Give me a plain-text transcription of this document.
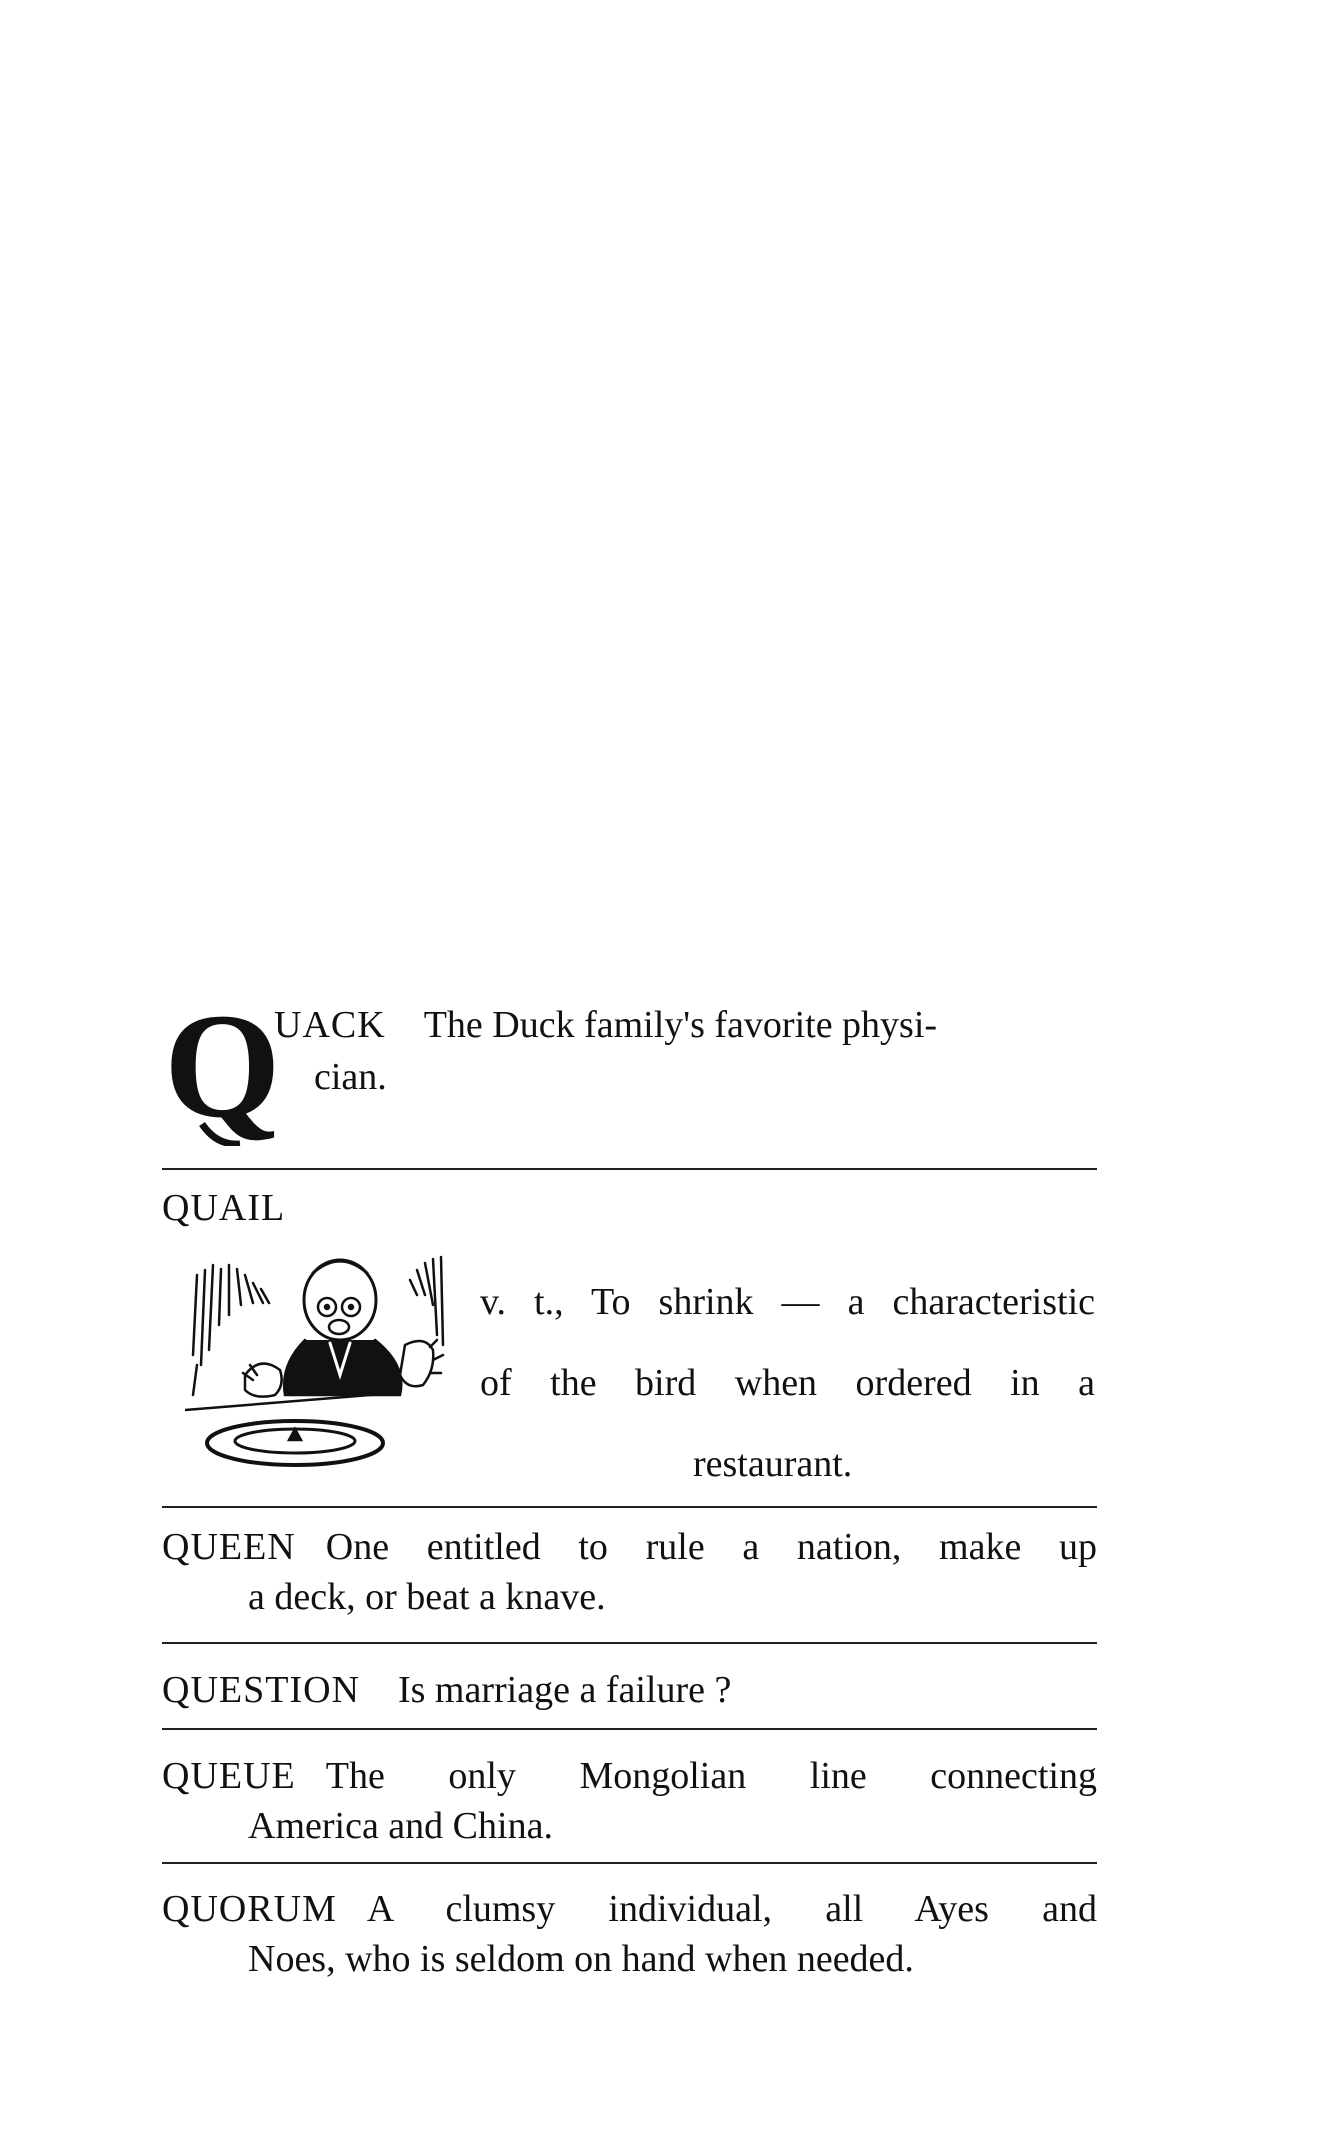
Q
UACK The Duck family's favorite physi-
cian.
QUAIL
v. t., To shrink — a characteristic
of the bird when ordered in a
restaurant.
QUEEN One entitled to rule a nation, make up
a deck, or beat a knave.
QUESTION Is marriage a failure ?
QUEUE The only Mongolian line connecting
America and China.
QUORUM A clumsy individual, all Ayes and
Noes, who is seldom on hand when needed.
